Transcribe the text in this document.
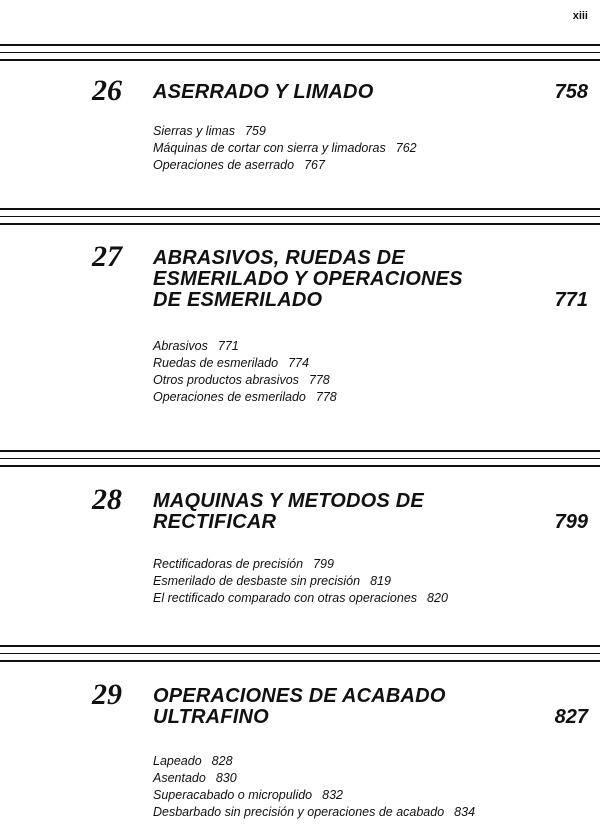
xiii
26 ASERRADO Y LIMADO	758
Sierras y limas 759
Máquinas de cortar con sierra y limadoras 762
Operaciones de aserrado 767
27 ABRASIVOS, RUEDAS DE
ESMERILADO Y OPERACIONES
DE ESMERILADO	771
Abrasivos 771
Ruedas de esmerilado 774
Otros productos abrasivos 778
Operaciones de esmerilado 778
28 MAQUINAS Y METODOS DE
RECTIFICAR	799
Rectificadoras de precisión 799
Esmerilado de desbaste sin precisión 819
El rectificado comparado con otras operaciones 820
29 OPERACIONES DE ACABADO
ULTRAFINO	827
Lapeado 828
Asentado 830
Superacabado o micropulido 832
Desbarbado sin precisión y operaciones de acabado 834
